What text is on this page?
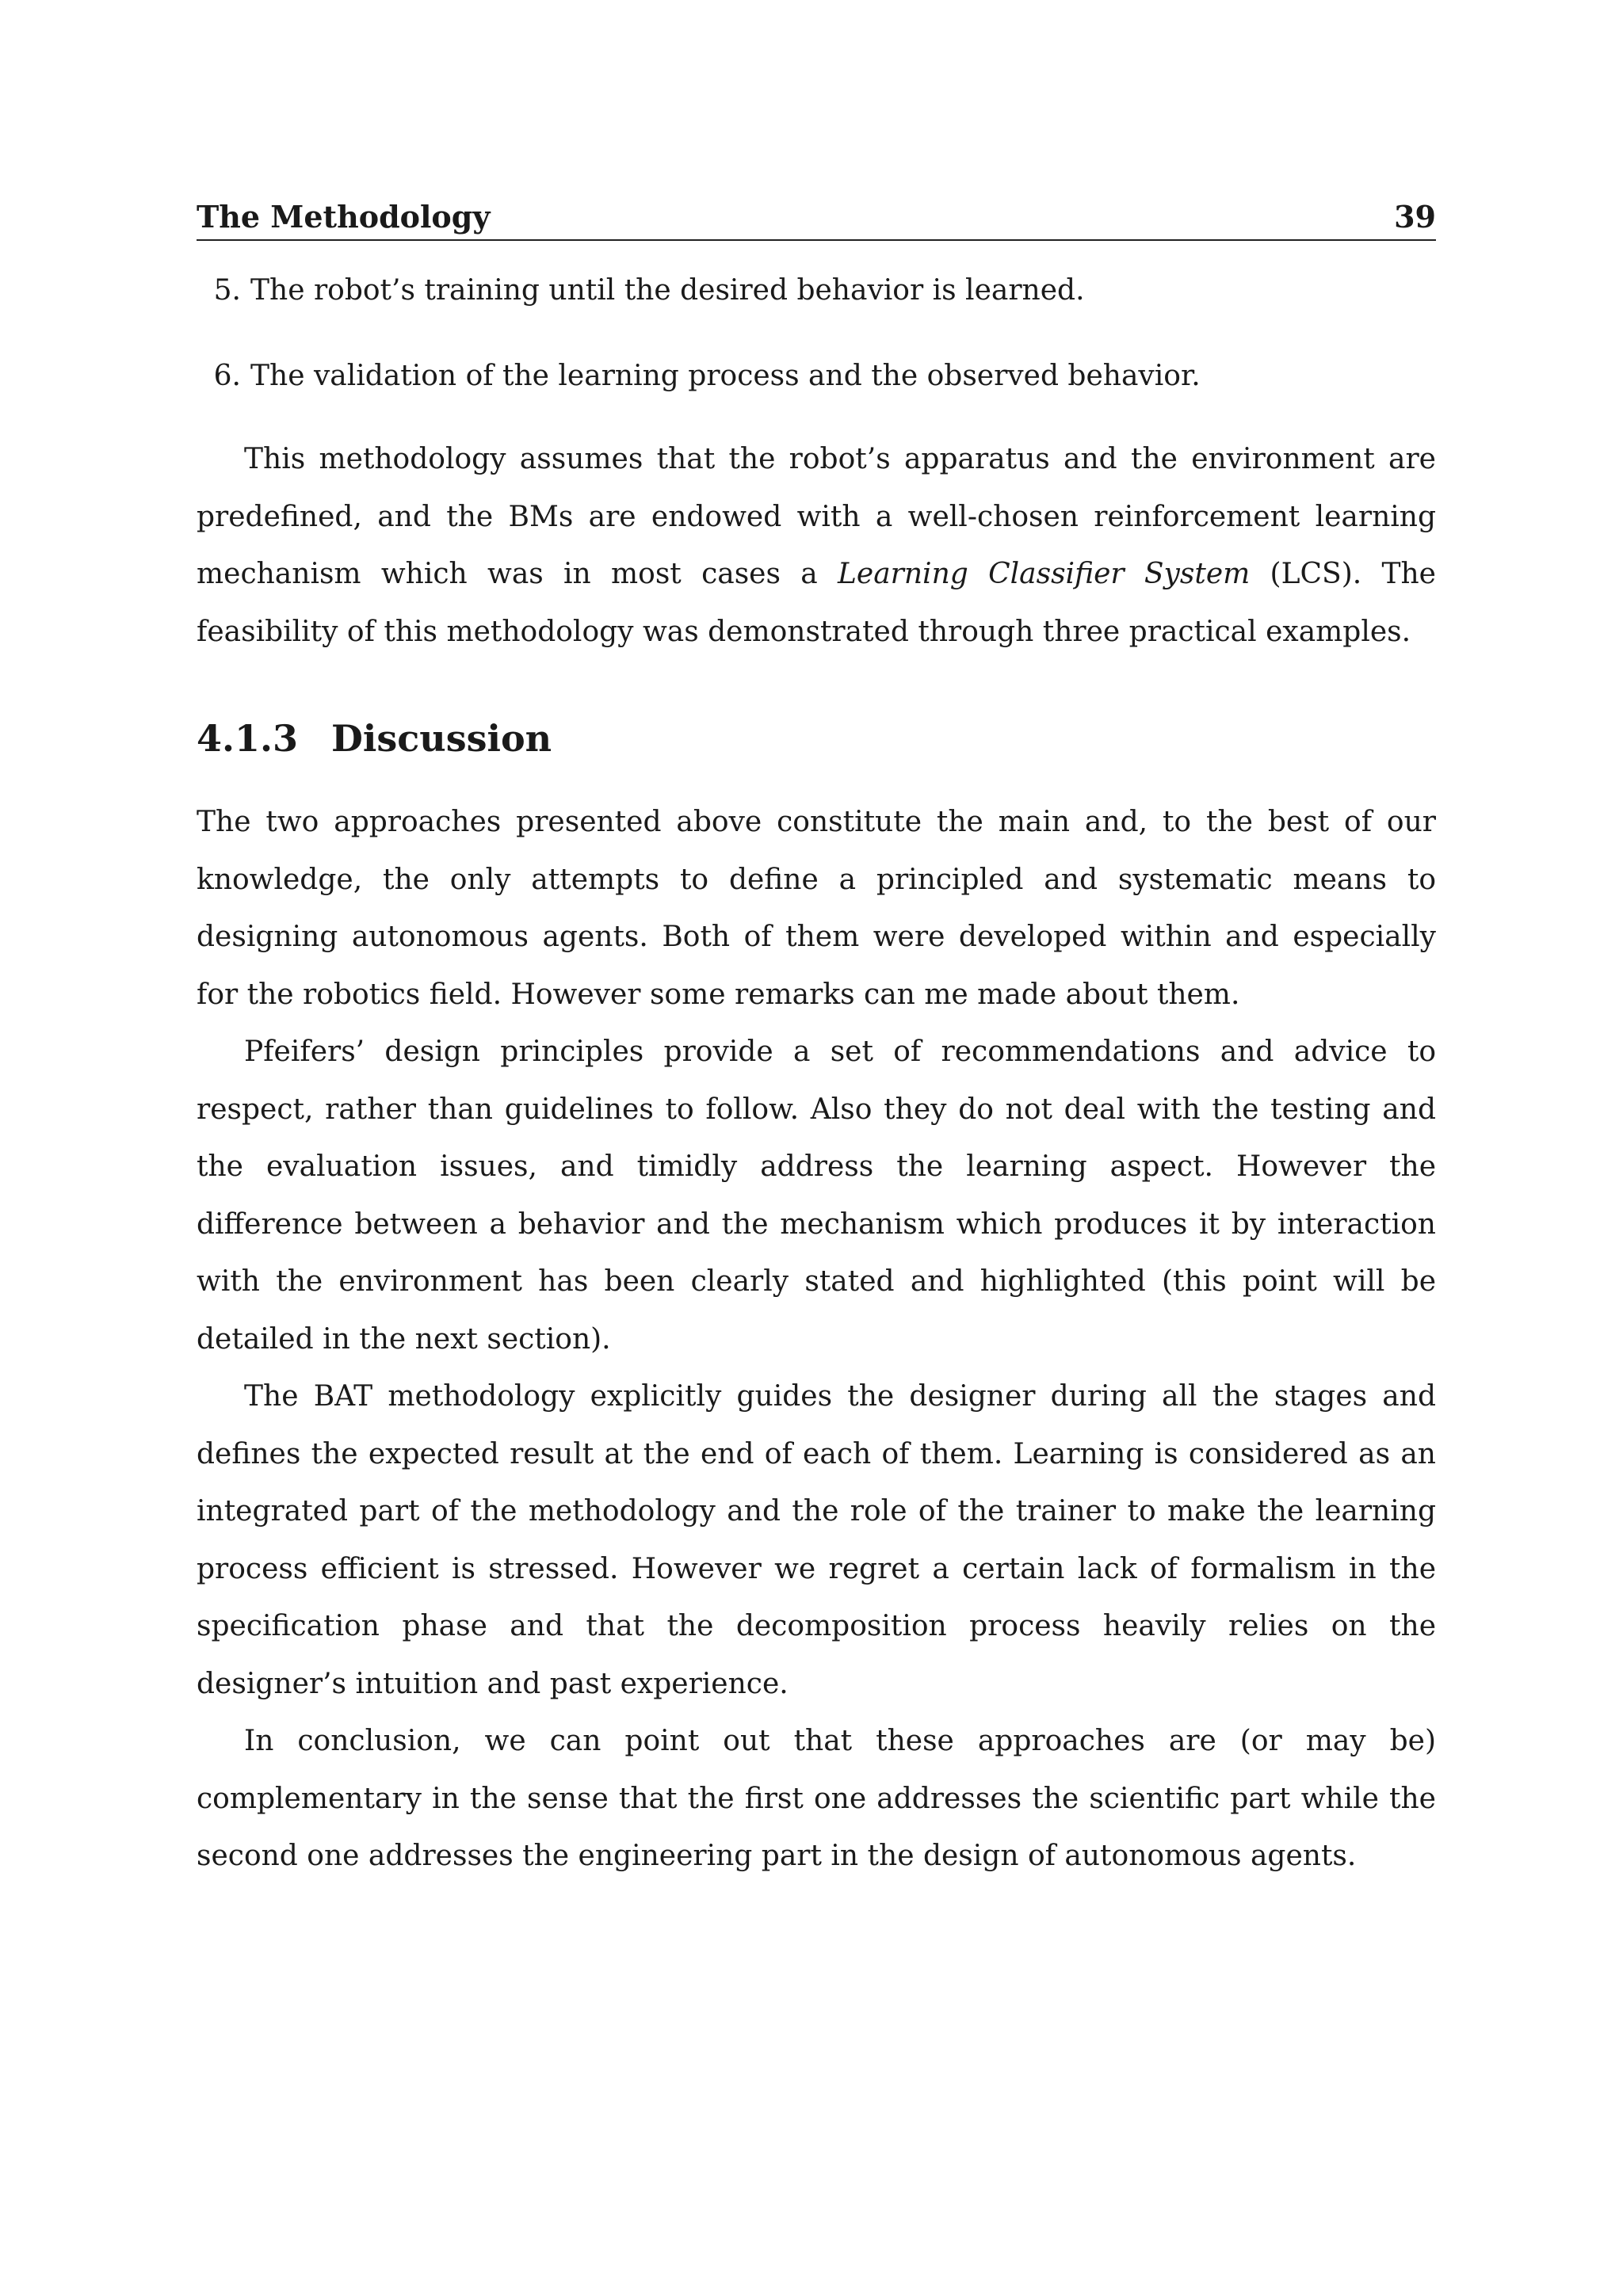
The Methodology	39
5. The robot’s training until the desired behavior is learned.
6. The validation of the learning process and the observed behavior.

This methodology assumes that the robot’s apparatus and the environment are predefined, and the BMs are endowed with a well-chosen reinforcement learning mechanism which was in most cases a Learning Classifier System (LCS). The feasibility of this methodology was demonstrated through three practical examples.

4.1.3 Discussion

The two approaches presented above constitute the main and, to the best of our knowledge, the only attempts to define a principled and systematic means to designing autonomous agents. Both of them were developed within and especially for the robotics field. However some remarks can me made about them.

Pfeifers’ design principles provide a set of recommendations and advice to respect, rather than guidelines to follow. Also they do not deal with the testing and the evaluation issues, and timidly address the learning aspect. However the difference between a behavior and the mechanism which produces it by interaction with the environment has been clearly stated and highlighted (this point will be detailed in the next section).

The BAT methodology explicitly guides the designer during all the stages and defines the expected result at the end of each of them. Learning is considered as an integrated part of the methodology and the role of the trainer to make the learning process efficient is stressed. However we regret a certain lack of formalism in the specification phase and that the decomposition process heavily relies on the designer’s intuition and past experience.

In conclusion, we can point out that these approaches are (or may be) complementary in the sense that the first one addresses the scientific part while the second one addresses the engineering part in the design of autonomous agents.
